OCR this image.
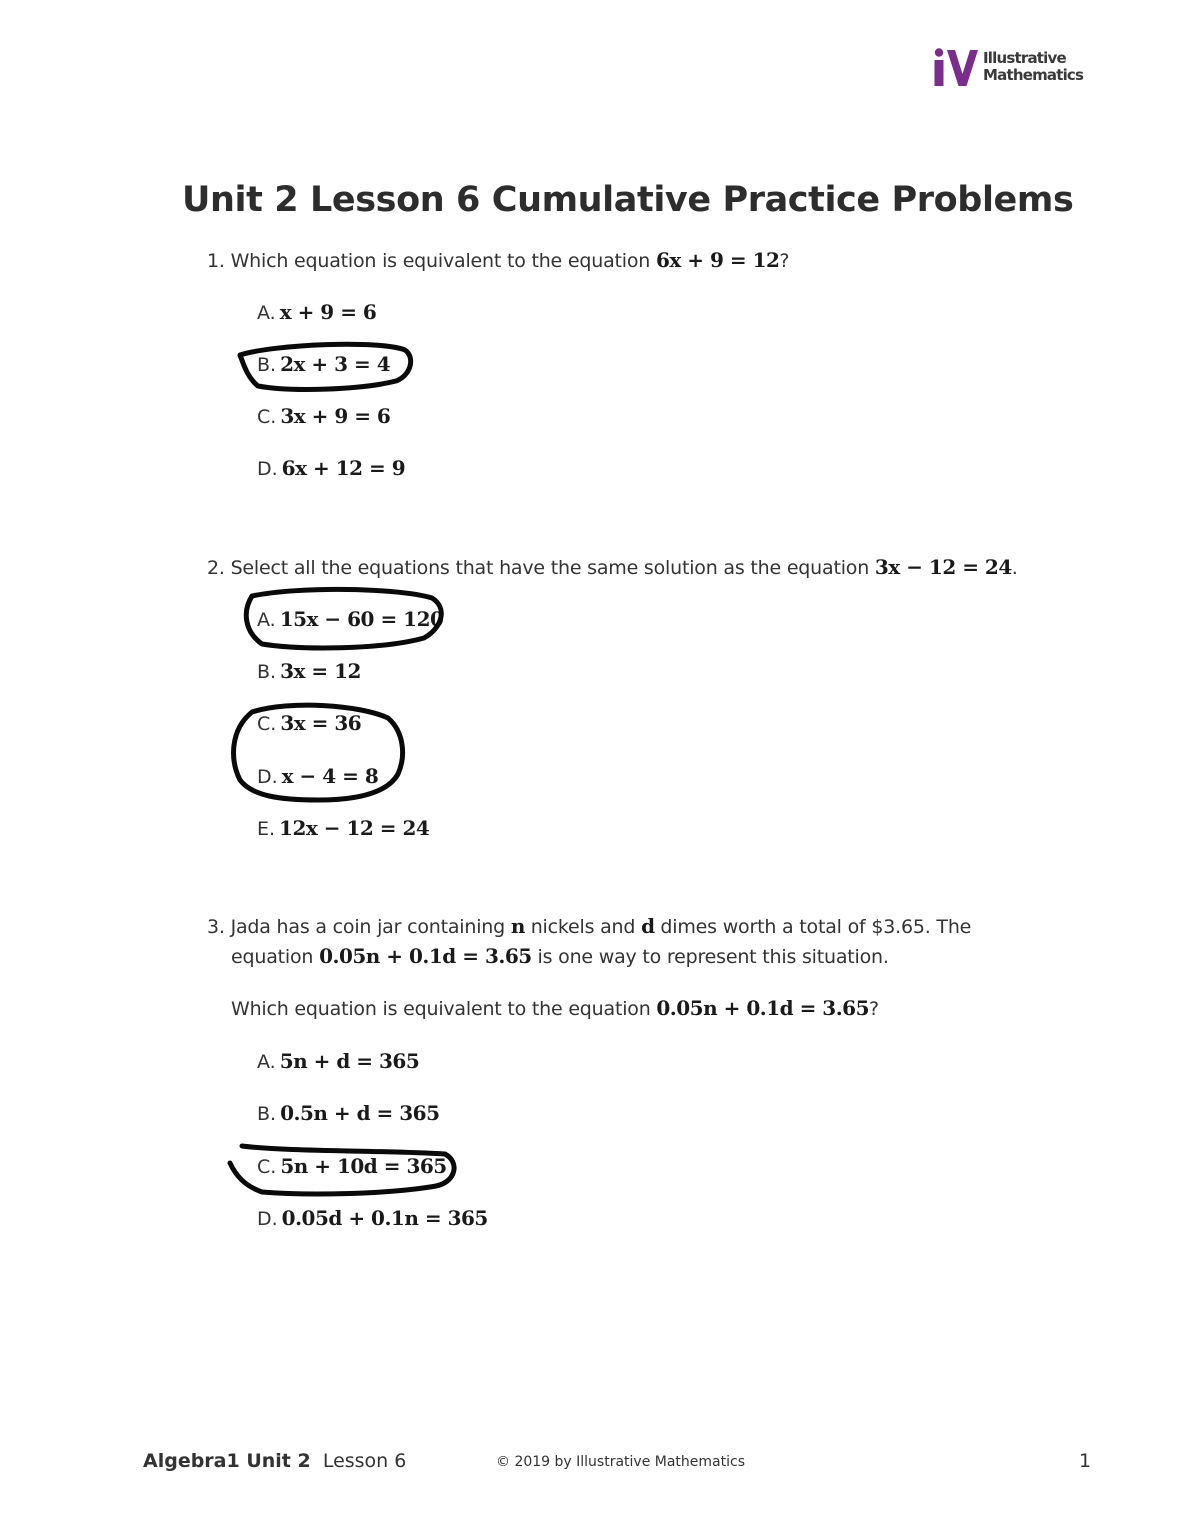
Illustrative
Mathematics
Unit 2 Lesson 6 Cumulative Practice Problems
1. Which equation is equivalent to the equation 6x + 9 = 12?
A. x + 9 = 6
B. 2x + 3 = 4
C. 3x + 9 = 6
D. 6x + 12 = 9
2. Select all the equations that have the same solution as the equation 3x − 12 = 24.
A. 15x − 60 = 120
B. 3x = 12
C. 3x = 36
D. x − 4 = 8
E. 12x − 12 = 24
3. Jada has a coin jar containing n nickels and d dimes worth a total of $3.65. The
equation 0.05n + 0.1d = 3.65 is one way to represent this situation.
Which equation is equivalent to the equation 0.05n + 0.1d = 3.65?
A. 5n + d = 365
B. 0.5n + d = 365
C. 5n + 10d = 365
D. 0.05d + 0.1n = 365
Algebra1 Unit 2 Lesson 6	© 2019 by Illustrative Mathematics	1
